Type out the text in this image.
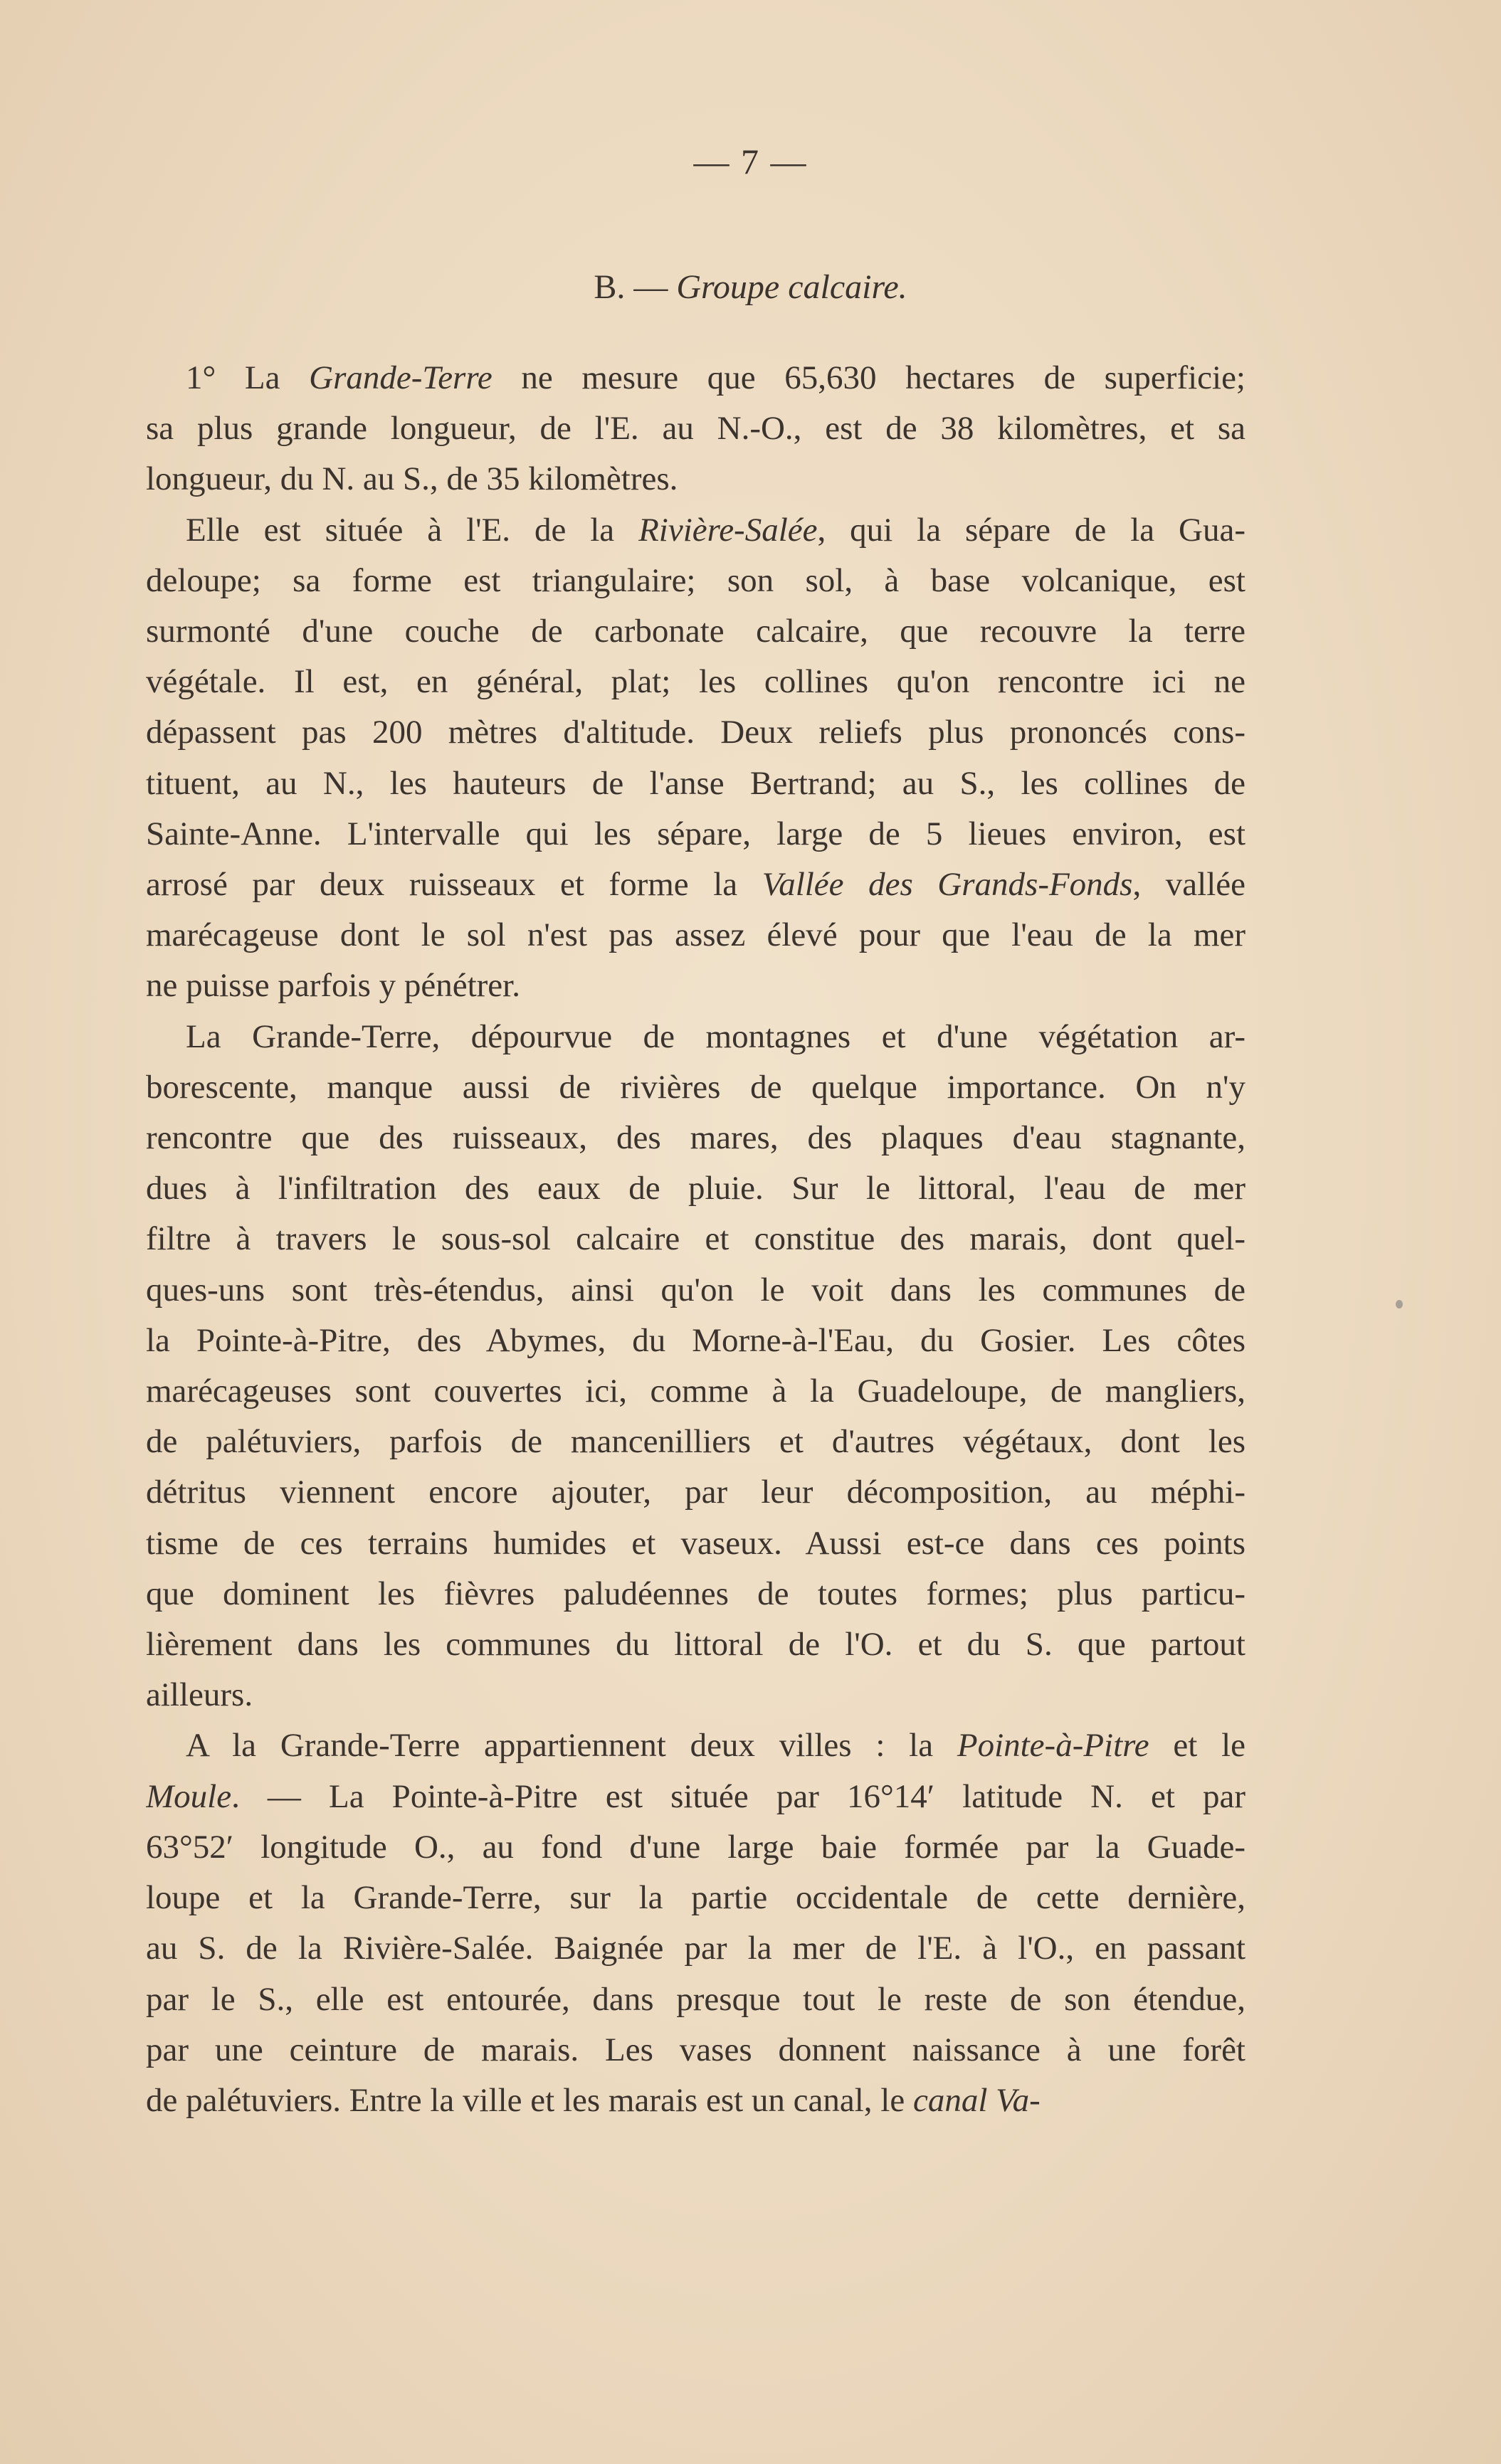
— 7 —
B. — Groupe calcaire.
1° La Grande-Terre ne mesure que 65,630 hectares de superficie;
sa plus grande longueur, de l'E. au N.-O., est de 38 kilomètres, et sa
longueur, du N. au S., de 35 kilomètres.
Elle est située à l'E. de la Rivière-Salée, qui la sépare de la Gua-
deloupe; sa forme est triangulaire; son sol, à base volcanique, est
surmonté d'une couche de carbonate calcaire, que recouvre la terre
végétale. Il est, en général, plat; les collines qu'on rencontre ici ne
dépassent pas 200 mètres d'altitude. Deux reliefs plus prononcés cons-
tituent, au N., les hauteurs de l'anse Bertrand; au S., les collines de
Sainte-Anne. L'intervalle qui les sépare, large de 5 lieues environ, est
arrosé par deux ruisseaux et forme la Vallée des Grands-Fonds, vallée
marécageuse dont le sol n'est pas assez élevé pour que l'eau de la mer
ne puisse parfois y pénétrer.
La Grande-Terre, dépourvue de montagnes et d'une végétation ar-
borescente, manque aussi de rivières de quelque importance. On n'y
rencontre que des ruisseaux, des mares, des plaques d'eau stagnante,
dues à l'infiltration des eaux de pluie. Sur le littoral, l'eau de mer
filtre à travers le sous-sol calcaire et constitue des marais, dont quel-
ques-uns sont très-étendus, ainsi qu'on le voit dans les communes de
la Pointe-à-Pitre, des Abymes, du Morne-à-l'Eau, du Gosier. Les côtes
marécageuses sont couvertes ici, comme à la Guadeloupe, de mangliers,
de palétuviers, parfois de mancenilliers et d'autres végétaux, dont les
détritus viennent encore ajouter, par leur décomposition, au méphi-
tisme de ces terrains humides et vaseux. Aussi est-ce dans ces points
que dominent les fièvres paludéennes de toutes formes; plus particu-
lièrement dans les communes du littoral de l'O. et du S. que partout
ailleurs.
A la Grande-Terre appartiennent deux villes : la Pointe-à-Pitre et le
Moule. — La Pointe-à-Pitre est située par 16°14′ latitude N. et par
63°52′ longitude O., au fond d'une large baie formée par la Guade-
loupe et la Grande-Terre, sur la partie occidentale de cette dernière,
au S. de la Rivière-Salée. Baignée par la mer de l'E. à l'O., en passant
par le S., elle est entourée, dans presque tout le reste de son étendue,
par une ceinture de marais. Les vases donnent naissance à une forêt
de palétuviers. Entre la ville et les marais est un canal, le canal Va-
